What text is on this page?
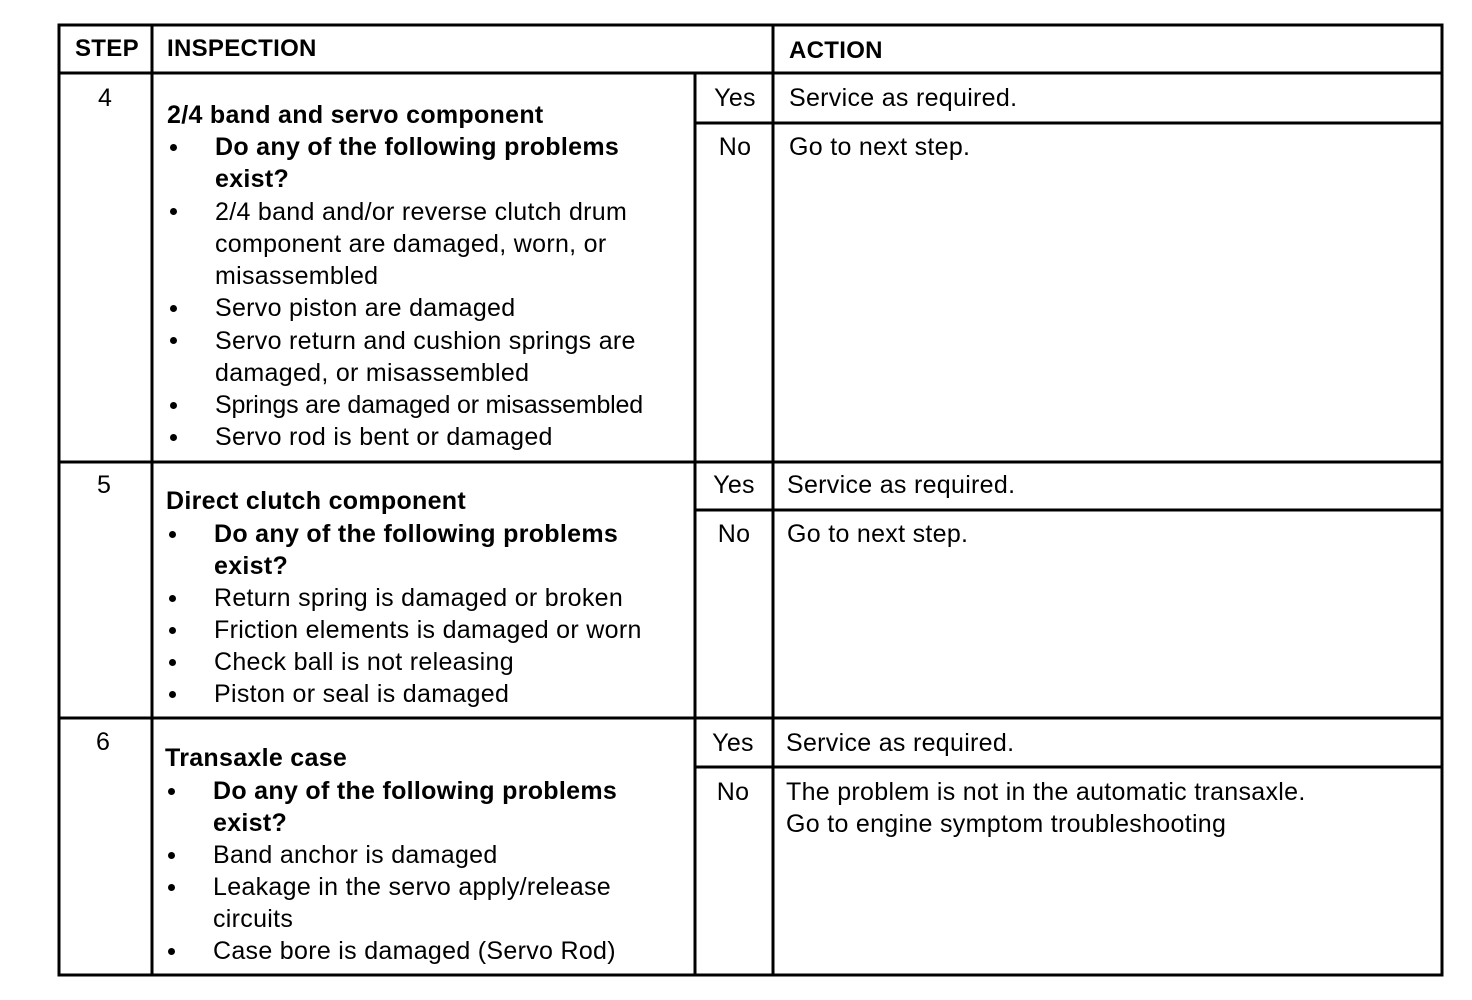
STEP INSPECTION	ACTION
4
2/4 band and servo component
Do any of the following problems
exist?
2/4 band and/or reverse clutch drum
component are damaged, worn, or
misassembled
Servo piston are damaged
Servo return and cushion springs are
damaged, or misassembled
Springs are damaged or misassembled
Servo rod is bent or damaged
Yes
No
Service as required.
Go to next step.
5
Direct clutch component
Do any of the following problems
exist?
Return spring is damaged or broken
Friction elements is damaged or worn
Check ball is not releasing
Piston or seal is damaged
Yes
No
Service as required.
Go to next step.
6
Transaxle case
Do any of the following problems
exist?
Band anchor is damaged
Leakage in the servo apply/release
circuits
Case bore is damaged (Servo Rod)
Yes
No
Service as required.
The problem is not in the automatic transaxle.
Go to engine symptom troubleshooting
